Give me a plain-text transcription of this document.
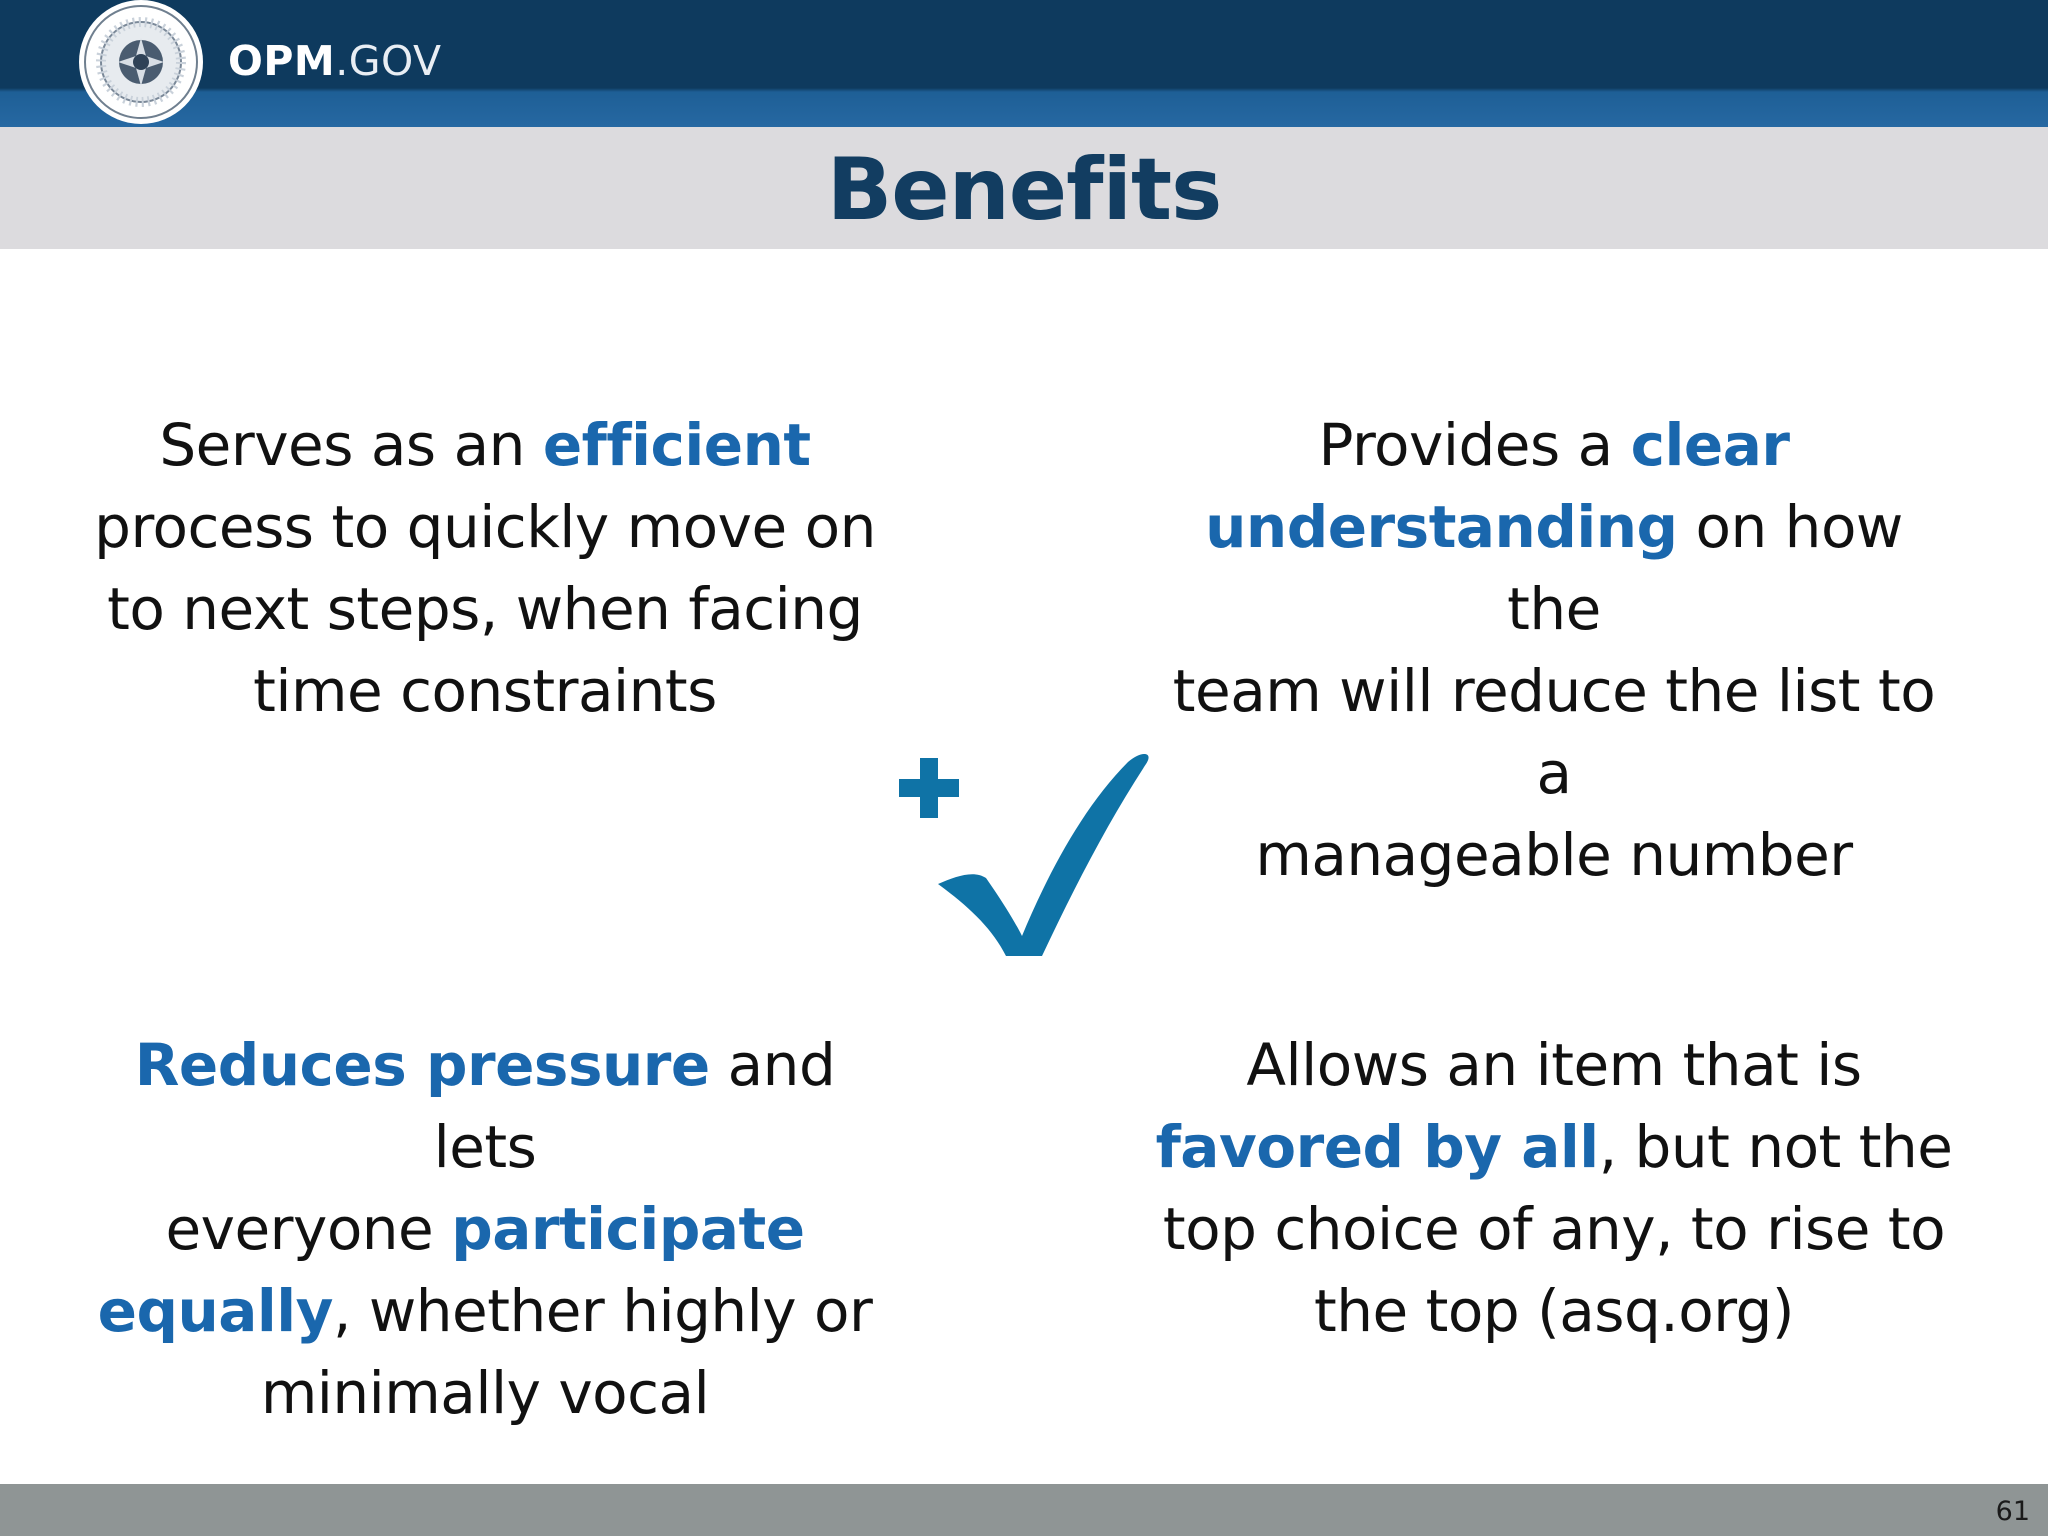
OPM.GOV
Benefits
Serves as an efficient
process to quickly move on
to next steps, when facing
time constraints
Provides a clear
understanding on how the
team will reduce the list to a
manageable number
Reduces pressure and lets
everyone participate
equally, whether highly or
minimally vocal
Allows an item that is
favored by all, but not the
top choice of any, to rise to
the top (asq.org)
61
